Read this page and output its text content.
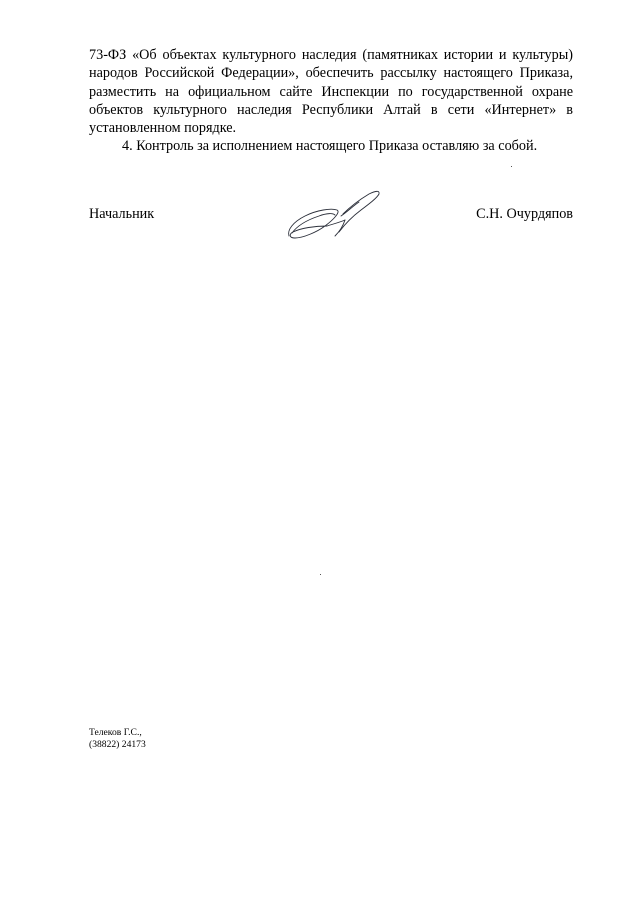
73-ФЗ «Об объектах культурного наследия (памятниках истории и культуры) народов Российской Федерации», обеспечить рассылку настоящего Приказа, разместить на официальном сайте Инспекции по государственной охране объектов культурного наследия Республики Алтай в сети «Интернет» в установленном порядке.

4. Контроль за исполнением настоящего Приказа оставляю за собой.

Начальник	С.Н. Очурдяпов
Телеков Г.С.,
(38822) 24173
